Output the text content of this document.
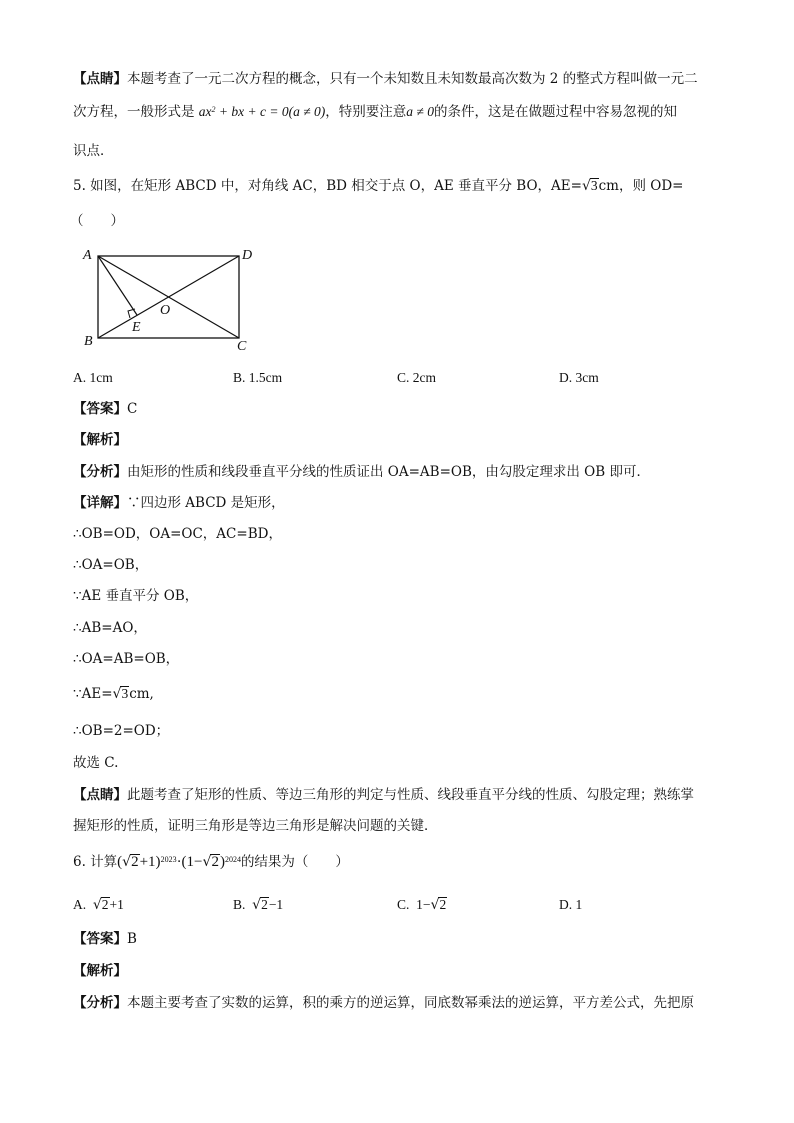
【点睛】本题考查了一元二次方程的概念，只有一个未知数且未知数最高次数为 2 的整式方程叫做一元二
次方程，一般形式是 $ax^2$ + bx + c = 0(a ≠ 0)，特别要注意a ≠ 0的条件，这是在做题过程中容易忽视的知
识点．
5. 如图，在矩形 ABCD 中，对角线 AC，BD 相交于点 O，AE 垂直平分 BO，AE=√3cm，则 OD=
（　　）
A	D
B	C
O
E
A. 1cm	B. 1.5cm	C. 2cm	D. 3cm
【答案】C
【解析】
【分析】由矩形的性质和线段垂直平分线的性质证出 OA=AB=OB，由勾股定理求出 OB 即可．
【详解】∵四边形 ABCD 是矩形，
∴OB=OD，OA=OC，AC=BD，
∴OA=OB，
∵AE 垂直平分 OB，
∴AB=AO，
∴OA=AB=OB，
∵AE=√3cm,
∴OB=2=OD；
故选 C.
【点睛】此题考查了矩形的性质、等边三角形的判定与性质、线段垂直平分线的性质、勾股定理；熟练掌
握矩形的性质，证明三角形是等边三角形是解决问题的关键．
6. 计算$(√2+1)^{2023}\cdot(1-√2)^{2024}$的结果为（　　）
A. √2+1	B. √2−1	C.  1−√2	D. 1
【答案】B
【解析】
【分析】本题主要考查了实数的运算，积的乘方的逆运算，同底数幂乘法的逆运算，平方差公式，先把原
